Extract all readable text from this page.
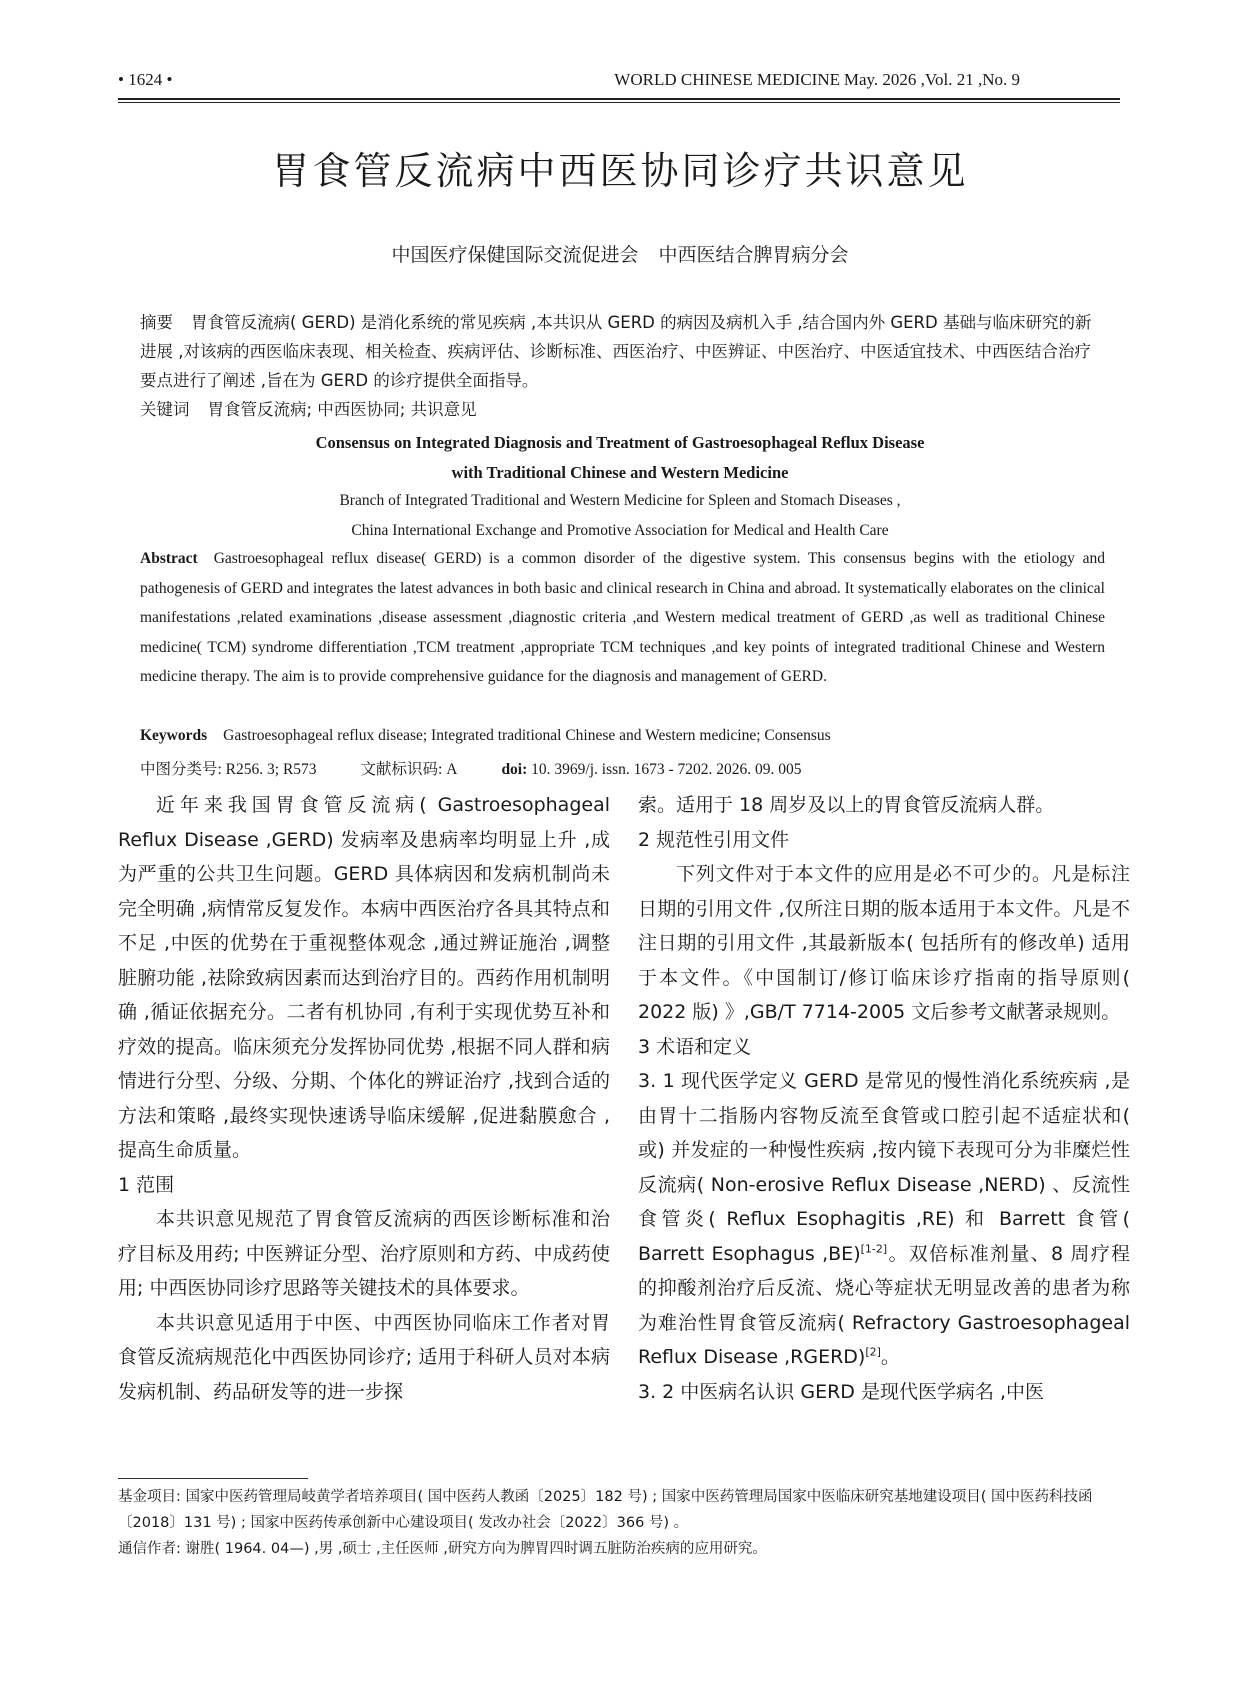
• 1624 •	WORLD CHINESE MEDICINE May. 2026 ,Vol. 21 ,No. 9
胃食管反流病中西医协同诊疗共识意见
中国医疗保健国际交流促进会 中西医结合脾胃病分会
摘要 胃食管反流病( GERD) 是消化系统的常见疾病 ,本共识从 GERD 的病因及病机入手 ,结合国内外 GERD 基础与临床研究的新进展 ,对该病的西医临床表现、相关检查、疾病评估、诊断标准、西医治疗、中医辨证、中医治疗、中医适宜技术、中西医结合治疗要点进行了阐述 ,旨在为 GERD 的诊疗提供全面指导。
关键词 胃食管反流病; 中西医协同; 共识意见
Consensus on Integrated Diagnosis and Treatment of Gastroesophageal Reflux Disease
with Traditional Chinese and Western Medicine
Branch of Integrated Traditional and Western Medicine for Spleen and Stomach Diseases ,
China International Exchange and Promotive Association for Medical and Health Care
Abstract Gastroesophageal reflux disease( GERD) is a common disorder of the digestive system. This consensus begins with the etiology and pathogenesis of GERD and integrates the latest advances in both basic and clinical research in China and abroad. It systematically elaborates on the clinical manifestations ,related examinations ,disease assessment ,diagnostic criteria ,and Western medical treatment of GERD ,as well as traditional Chinese medicine( TCM) syndrome differentiation ,TCM treatment ,appropriate TCM techniques ,and key points of integrated traditional Chinese and Western medicine therapy. The aim is to provide comprehensive guidance for the diagnosis and management of GERD.
Keywords Gastroesophageal reflux disease; Integrated traditional Chinese and Western medicine; Consensus
中图分类号: R256. 3; R573	文献标识码: A	doi: 10. 3969/j. issn. 1673 - 7202. 2026. 09. 005

近年来我国胃食管反流病( Gastroesophageal Reflux Disease ,GERD) 发病率及患病率均明显上升 ,成为严重的公共卫生问题。GERD 具体病因和发病机制尚未完全明确 ,病情常反复发作。本病中西医治疗各具其特点和不足 ,中医的优势在于重视整体观念 ,通过辨证施治 ,调整脏腑功能 ,祛除致病因素而达到治疗目的。西药作用机制明确 ,循证依据充分。二者有机协同 ,有利于实现优势互补和疗效的提高。临床须充分发挥协同优势 ,根据不同人群和病情进行分型、分级、分期、个体化的辨证治疗 ,找到合适的方法和策略 ,最终实现快速诱导临床缓解 ,促进黏膜愈合 ,提高生命质量。

1 范围

本共识意见规范了胃食管反流病的西医诊断标准和治疗目标及用药; 中医辨证分型、治疗原则和方药、中成药使用; 中西医协同诊疗思路等关键技术的具体要求。

本共识意见适用于中医、中西医协同临床工作者对胃食管反流病规范化中西医协同诊疗; 适用于科研人员对本病发病机制、药品研发等的进一步探

索。适用于 18 周岁及以上的胃食管反流病人群。

2 规范性引用文件

下列文件对于本文件的应用是必不可少的。凡是标注日期的引用文件 ,仅所注日期的版本适用于本文件。凡是不注日期的引用文件 ,其最新版本( 包括所有的修改单) 适用于本文件。《中国制订/修订临床诊疗指南的指导原则( 2022 版) 》,GB/T 7714-2005 文后参考文献著录规则。

3 术语和定义

3. 1 现代医学定义 GERD 是常见的慢性消化系统疾病 ,是由胃十二指肠内容物反流至食管或口腔引起不适症状和( 或) 并发症的一种慢性疾病 ,按内镜下表现可分为非糜烂性反流病( Non-erosive Reflux Disease ,NERD) 、反流性食管炎( Reflux Esophagitis ,RE) 和 Barrett 食管( Barrett Esophagus ,BE)[1-2]。双倍标准剂量、8 周疗程的抑酸剂治疗后反流、烧心等症状无明显改善的患者为称为难治性胃食管反流病( Refractory Gastroesophageal Reflux Disease ,RGERD)[2]。

3. 2 中医病名认识 GERD 是现代医学病名 ,中医

基金项目: 国家中医药管理局岐黄学者培养项目( 国中医药人教函〔2025〕182 号) ; 国家中医药管理局国家中医临床研究基地建设项目( 国中医药科技函〔2018〕131 号) ; 国家中医药传承创新中心建设项目( 发改办社会〔2022〕366 号) 。

通信作者: 谢胜( 1964. 04—) ,男 ,硕士 ,主任医师 ,研究方向为脾胃四时调五脏防治疾病的应用研究。
